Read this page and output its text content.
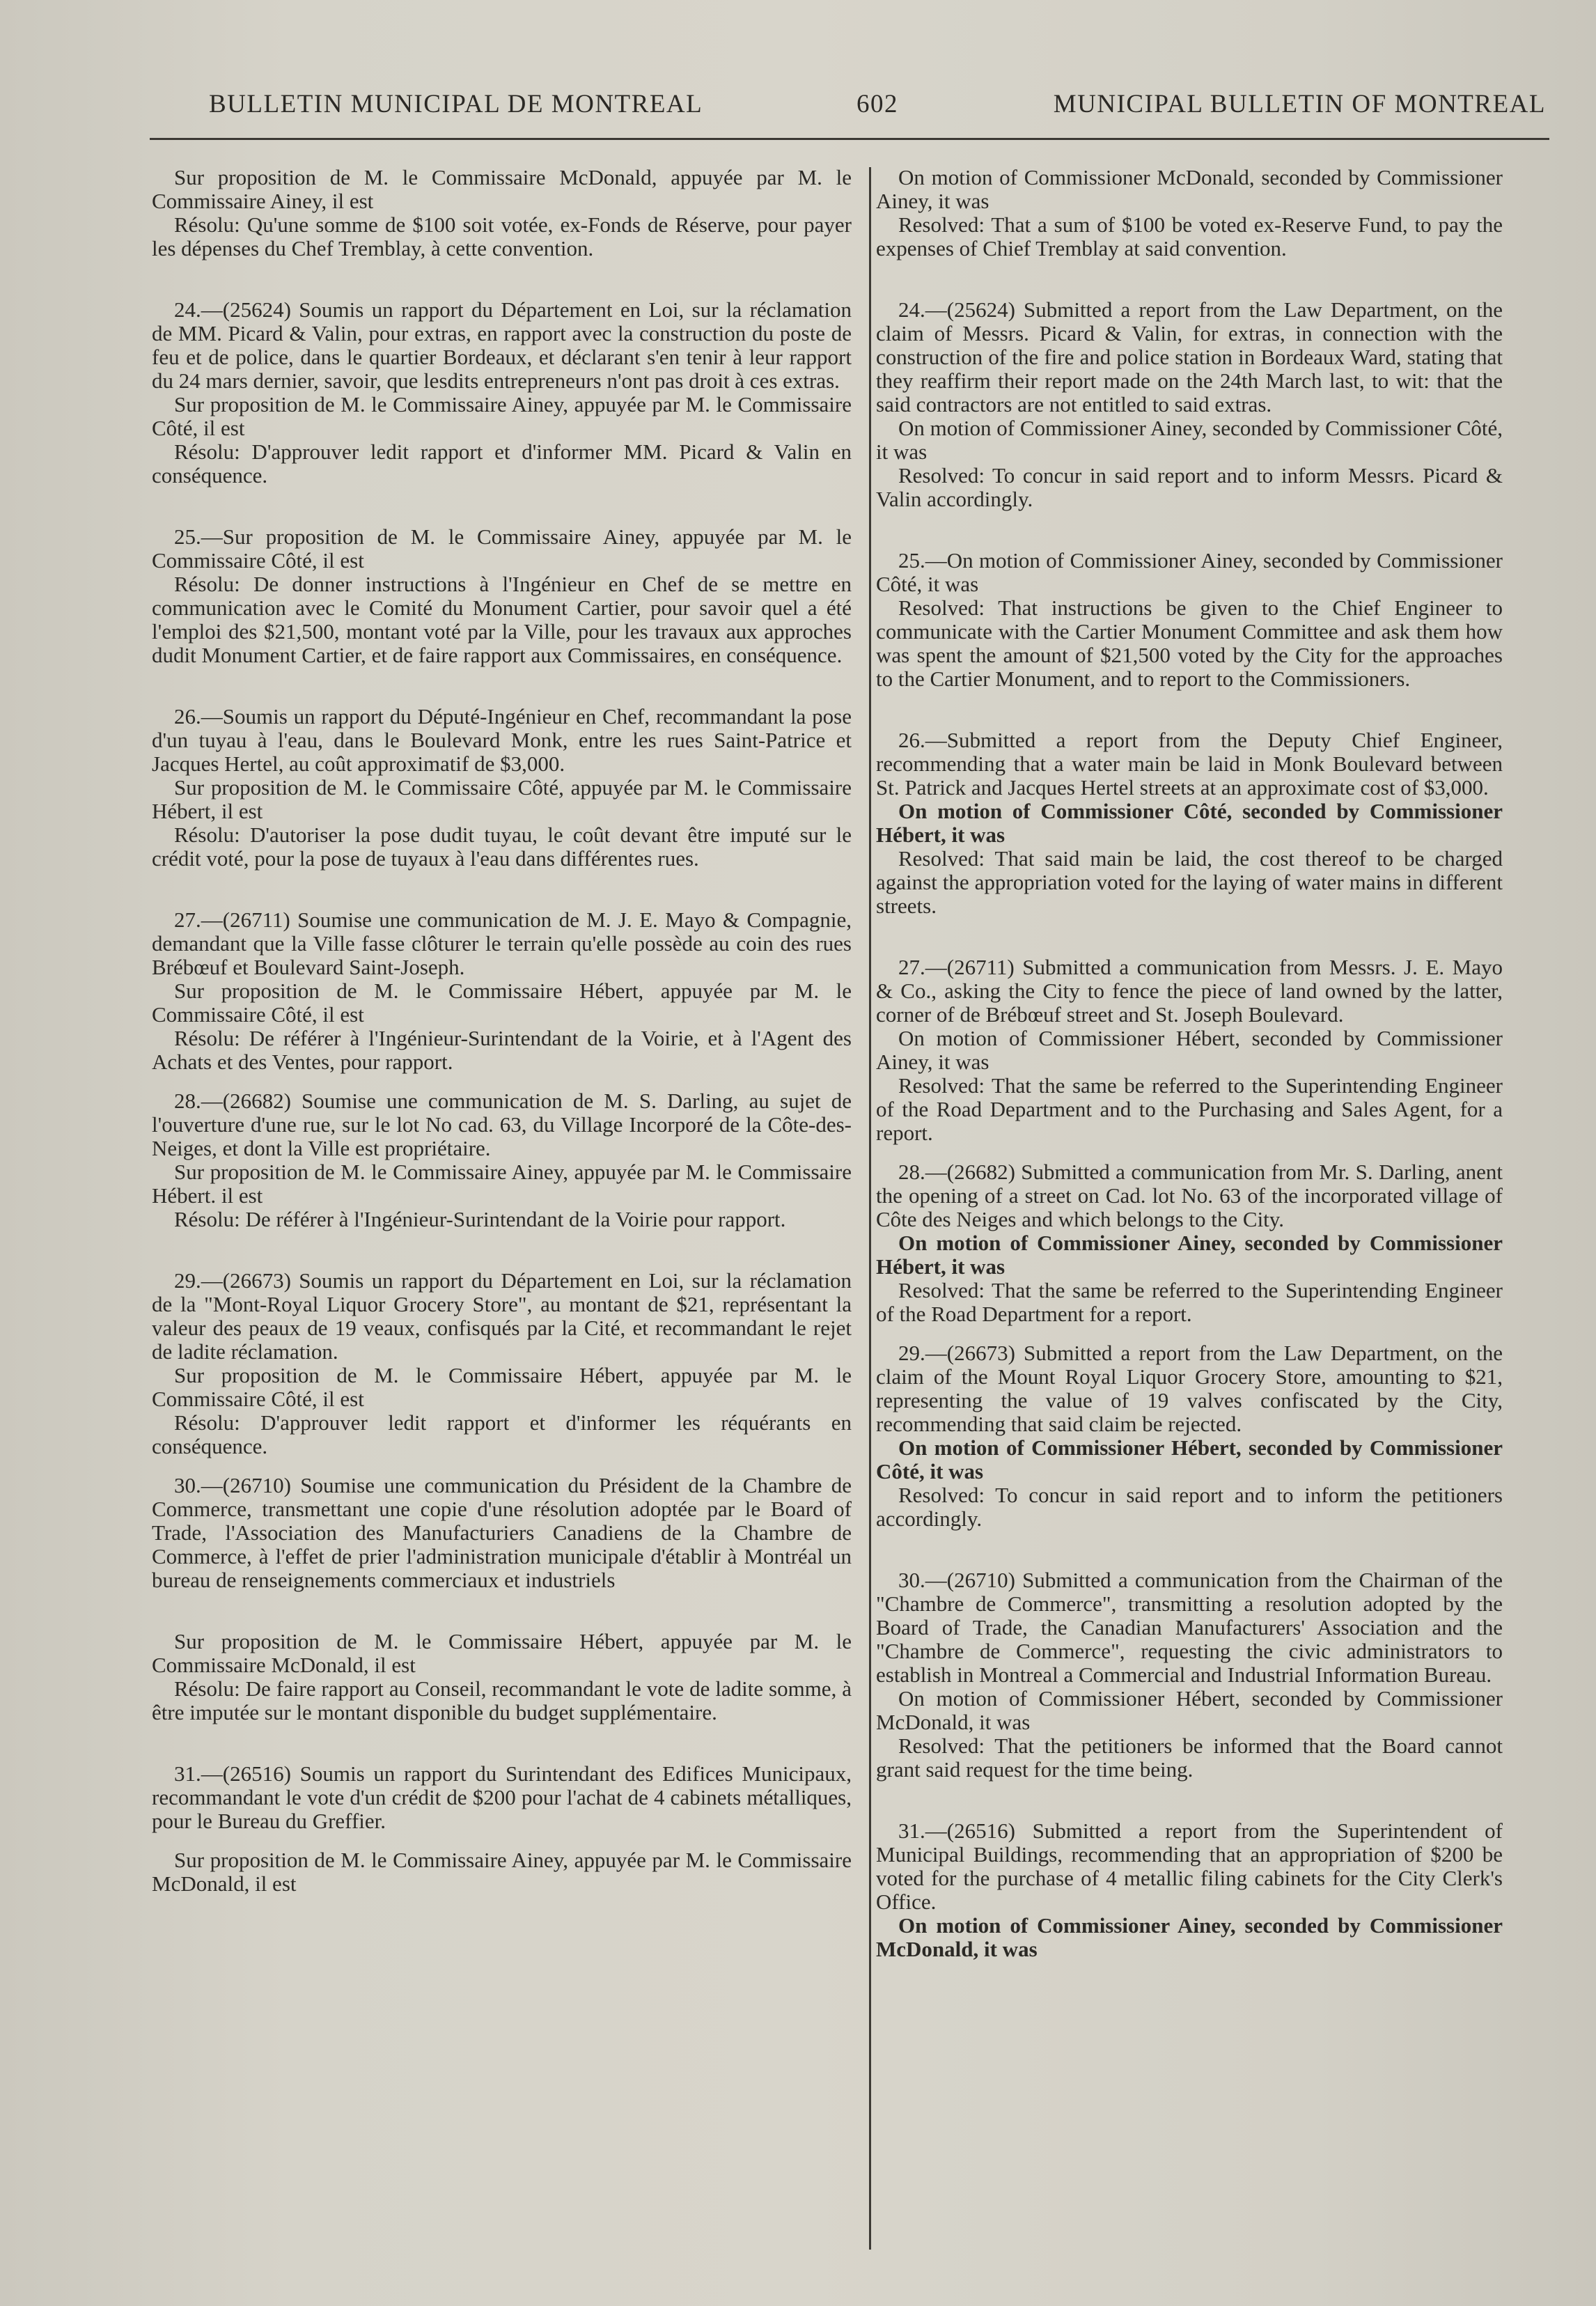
BULLETIN MUNICIPAL DE MONTREAL	602	MUNICIPAL BULLETIN OF MONTREAL

Sur proposition de M. le Commissaire McDonald, appuyée par M. le Commissaire Ainey, il est

Résolu: Qu'une somme de $100 soit votée, ex-Fonds de Réserve, pour payer les dépenses du Chef Tremblay, à cette convention.

24.—(25624) Soumis un rapport du Département en Loi, sur la réclamation de MM. Picard & Valin, pour extras, en rapport avec la construction du poste de feu et de police, dans le quartier Bordeaux, et déclarant s'en tenir à leur rapport du 24 mars dernier, savoir, que lesdits entrepreneurs n'ont pas droit à ces extras.

Sur proposition de M. le Commissaire Ainey, appuyée par M. le Commissaire Côté, il est

Résolu: D'approuver ledit rapport et d'informer MM. Picard & Valin en conséquence.

25.—Sur proposition de M. le Commissaire Ainey, appuyée par M. le Commissaire Côté, il est

Résolu: De donner instructions à l'Ingénieur en Chef de se mettre en communication avec le Comité du Monument Cartier, pour savoir quel a été l'emploi des $21,500, montant voté par la Ville, pour les travaux aux approches dudit Monument Cartier, et de faire rapport aux Commissaires, en conséquence.

26.—Soumis un rapport du Député-Ingénieur en Chef, recommandant la pose d'un tuyau à l'eau, dans le Boulevard Monk, entre les rues Saint-Patrice et Jacques Hertel, au coût approximatif de $3,000.

Sur proposition de M. le Commissaire Côté, appuyée par M. le Commissaire Hébert, il est

Résolu: D'autoriser la pose dudit tuyau, le coût devant être imputé sur le crédit voté, pour la pose de tuyaux à l'eau dans différentes rues.

27.—(26711) Soumise une communication de M. J. E. Mayo & Compagnie, demandant que la Ville fasse clôturer le terrain qu'elle possède au coin des rues Brébœuf et Boulevard Saint-Joseph.

Sur proposition de M. le Commissaire Hébert, appuyée par M. le Commissaire Côté, il est

Résolu: De référer à l'Ingénieur-Surintendant de la Voirie, et à l'Agent des Achats et des Ventes, pour rapport.

28.—(26682) Soumise une communication de M. S. Darling, au sujet de l'ouverture d'une rue, sur le lot No cad. 63, du Village Incorporé de la Côte-des-Neiges, et dont la Ville est propriétaire.

Sur proposition de M. le Commissaire Ainey, appuyée par M. le Commissaire Hébert. il est

Résolu: De référer à l'Ingénieur-Surintendant de la Voirie pour rapport.

29.—(26673) Soumis un rapport du Département en Loi, sur la réclamation de la "Mont-Royal Liquor Grocery Store", au montant de $21, représentant la valeur des peaux de 19 veaux, confisqués par la Cité, et recommandant le rejet de ladite réclamation.

Sur proposition de M. le Commissaire Hébert, appuyée par M. le Commissaire Côté, il est

Résolu: D'approuver ledit rapport et d'informer les réquérants en conséquence.

30.—(26710) Soumise une communication du Président de la Chambre de Commerce, transmettant une copie d'une résolution adoptée par le Board of Trade, l'Association des Manufacturiers Canadiens de la Chambre de Commerce, à l'effet de prier l'administration municipale d'établir à Montréal un bureau de renseignements commerciaux et industriels

Sur proposition de M. le Commissaire Hébert, appuyée par M. le Commissaire McDonald, il est

Résolu: De faire rapport au Conseil, recommandant le vote de ladite somme, à être imputée sur le montant disponible du budget supplémentaire.

31.—(26516) Soumis un rapport du Surintendant des Edifices Municipaux, recommandant le vote d'un crédit de $200 pour l'achat de 4 cabinets métalliques, pour le Bureau du Greffier.

Sur proposition de M. le Commissaire Ainey, appuyée par M. le Commissaire McDonald, il est

On motion of Commissioner McDonald, seconded by Commissioner Ainey, it was

Resolved: That a sum of $100 be voted ex-Reserve Fund, to pay the expenses of Chief Tremblay at said convention.

24.—(25624) Submitted a report from the Law Department, on the claim of Messrs. Picard & Valin, for extras, in connection with the construction of the fire and police station in Bordeaux Ward, stating that they reaffirm their report made on the 24th March last, to wit: that the said contractors are not entitled to said extras.

On motion of Commissioner Ainey, seconded by Commissioner Côté, it was

Resolved: To concur in said report and to inform Messrs. Picard & Valin accordingly.

25.—On motion of Commissioner Ainey, seconded by Commissioner Côté, it was

Resolved: That instructions be given to the Chief Engineer to communicate with the Cartier Monument Committee and ask them how was spent the amount of $21,500 voted by the City for the approaches to the Cartier Monument, and to report to the Commissioners.

26.—Submitted a report from the Deputy Chief Engineer, recommending that a water main be laid in Monk Boulevard between St. Patrick and Jacques Hertel streets at an approximate cost of $3,000.

On motion of Commissioner Côté, seconded by Commissioner Hébert, it was

Resolved: That said main be laid, the cost thereof to be charged against the appropriation voted for the laying of water mains in different streets.

27.—(26711) Submitted a communication from Messrs. J. E. Mayo & Co., asking the City to fence the piece of land owned by the latter, corner of de Brébœuf street and St. Joseph Boulevard.

On motion of Commissioner Hébert, seconded by Commissioner Ainey, it was

Resolved: That the same be referred to the Superintending Engineer of the Road Department and to the Purchasing and Sales Agent, for a report.

28.—(26682) Submitted a communication from Mr. S. Darling, anent the opening of a street on Cad. lot No. 63 of the incorporated village of Côte des Neiges and which belongs to the City.

On motion of Commissioner Ainey, seconded by Commissioner Hébert, it was

Resolved: That the same be referred to the Superintending Engineer of the Road Department for a report.

29.—(26673) Submitted a report from the Law Department, on the claim of the Mount Royal Liquor Grocery Store, amounting to $21, representing the value of 19 valves confiscated by the City, recommending that said claim be rejected.

On motion of Commissioner Hébert, seconded by Commissioner Côté, it was

Resolved: To concur in said report and to inform the petitioners accordingly.

30.—(26710) Submitted a communication from the Chairman of the "Chambre de Commerce", transmitting a resolution adopted by the Board of Trade, the Canadian Manufacturers' Association and the "Chambre de Commerce", requesting the civic administrators to establish in Montreal a Commercial and Industrial Information Bureau.

On motion of Commissioner Hébert, seconded by Commissioner McDonald, it was

Resolved: That the petitioners be informed that the Board cannot grant said request for the time being.

31.—(26516) Submitted a report from the Superintendent of Municipal Buildings, recommending that an appropriation of $200 be voted for the purchase of 4 metallic filing cabinets for the City Clerk's Office.

On motion of Commissioner Ainey, seconded by Commissioner McDonald, it was
